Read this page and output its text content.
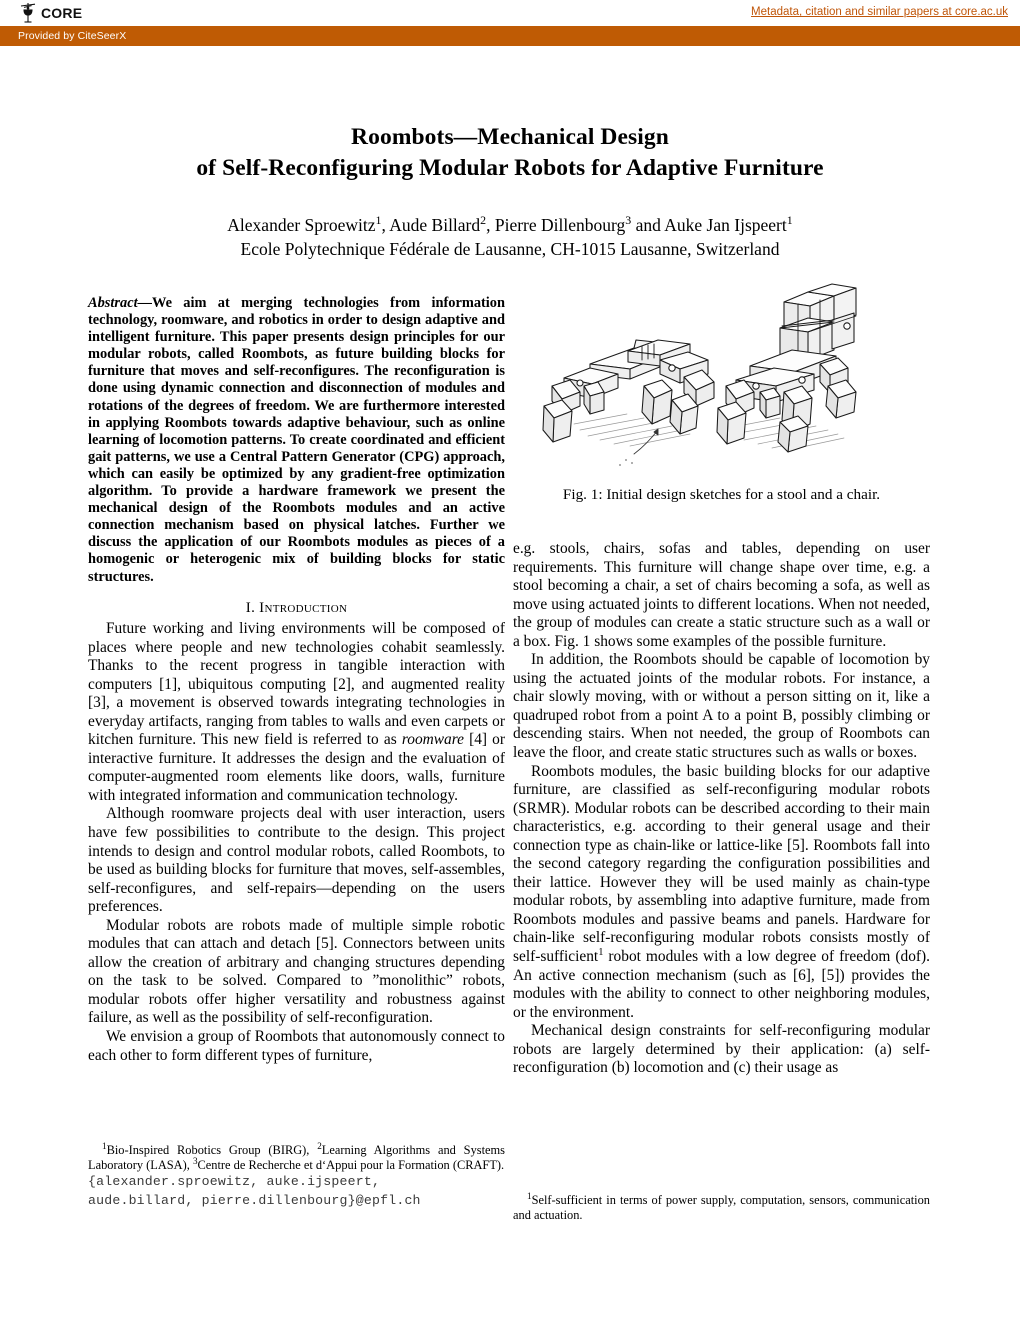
CORE	Metadata, citation and similar papers at core.ac.uk
Provided by CiteSeerX
Roombots—Mechanical Design
of Self-Reconfiguring Modular Robots for Adaptive Furniture
Alexander Sproewitz$^1$, Aude Billard$^2$, Pierre Dillenbourg$^3$ and Auke Jan Ijspeert$^1$
Ecole Polytechnique Fédérale de Lausanne, CH-1015 Lausanne, Switzerland
Abstract—We aim at merging technologies from information technology, roomware, and robotics in order to design adaptive and intelligent furniture. This paper presents design principles for our modular robots, called Roombots, as future building blocks for furniture that moves and self-reconfigures. The reconfiguration is done using dynamic connection and disconnection of modules and rotations of the degrees of freedom. We are furthermore interested in applying Roombots towards adaptive behaviour, such as online learning of locomotion patterns. To create coordinated and efficient gait patterns, we use a Central Pattern Generator (CPG) approach, which can easily be optimized by any gradient-free optimization algorithm. To provide a hardware framework we present the mechanical design of the Roombots modules and an active connection mechanism based on physical latches. Further we discuss the application of our Roombots modules as pieces of a homogenic or heterogenic mix of building blocks for static structures.
I. Introduction

Future working and living environments will be composed of places where people and new technologies cohabit seamlessly. Thanks to the recent progress in tangible interaction with computers [1], ubiquitous computing [2], and augmented reality [3], a movement is observed towards integrating technologies in everyday artifacts, ranging from tables to walls and even carpets or kitchen furniture. This new field is referred to as roomware [4] or interactive furniture. It addresses the design and the evaluation of computer-augmented room elements like doors, walls, furniture with integrated information and communication technology.

Although roomware projects deal with user interaction, users have few possibilities to contribute to the design. This project intends to design and control modular robots, called Roombots, to be used as building blocks for furniture that moves, self-assembles, self-reconfigures, and self-repairs—depending on the users preferences.

Modular robots are robots made of multiple simple robotic modules that can attach and detach [5]. Connectors between units allow the creation of arbitrary and changing structures depending on the task to be solved. Compared to ”monolithic” robots, modular robots offer higher versatility and robustness against failure, as well as the possibility of self-reconfiguration.

We envision a group of Roombots that autonomously connect to each other to form different types of furniture,

Fig. 1: Initial design sketches for a stool and a chair.

e.g. stools, chairs, sofas and tables, depending on user requirements. This furniture will change shape over time, e.g. a stool becoming a chair, a set of chairs becoming a sofa, as well as move using actuated joints to different locations. When not needed, the group of modules can create a static structure such as a wall or a box. Fig. 1 shows some examples of the possible furniture.

In addition, the Roombots should be capable of locomotion by using the actuated joints of the modular robots. For instance, a chair slowly moving, with or without a person sitting on it, like a quadruped robot from a point A to a point B, possibly climbing or descending stairs. When not needed, the group of Roombots can leave the floor, and create static structures such as walls or boxes.

Roombots modules, the basic building blocks for our adaptive furniture, are classified as self-reconfiguring modular robots (SRMR). Modular robots can be described according to their main characteristics, e.g. according to their general usage and their connection type as chain-like or lattice-like [5]. Roombots fall into the second category regarding the configuration possibilities and their lattice. However they will be used mainly as chain-type modular robots, by assembling into adaptive furniture, made from Roombots modules and passive beams and panels. Hardware for chain-like self-reconfiguring modular robots consists mostly of self-sufficient$^1$ robot modules with a low degree of freedom (dof). An active connection mechanism (such as [6], [5]) provides the modules with the ability to connect to other neighboring modules, or the environment.

Mechanical design constraints for self-reconfiguring modular robots are largely determined by their application: (a) self-reconfiguration (b) locomotion and (c) their usage as

$^1$Bio-Inspired Robotics Group (BIRG), $^2$Learning Algorithms and Systems Laboratory (LASA), $^3$Centre de Recherche et d‘Appui pour la Formation (CRAFT).

{alexander.sproewitz, auke.ijspeert,

aude.billard, pierre.dillenbourg}@epfl.ch	$^1$Self-sufficient in terms of power supply, computation, sensors, communication and actuation.
